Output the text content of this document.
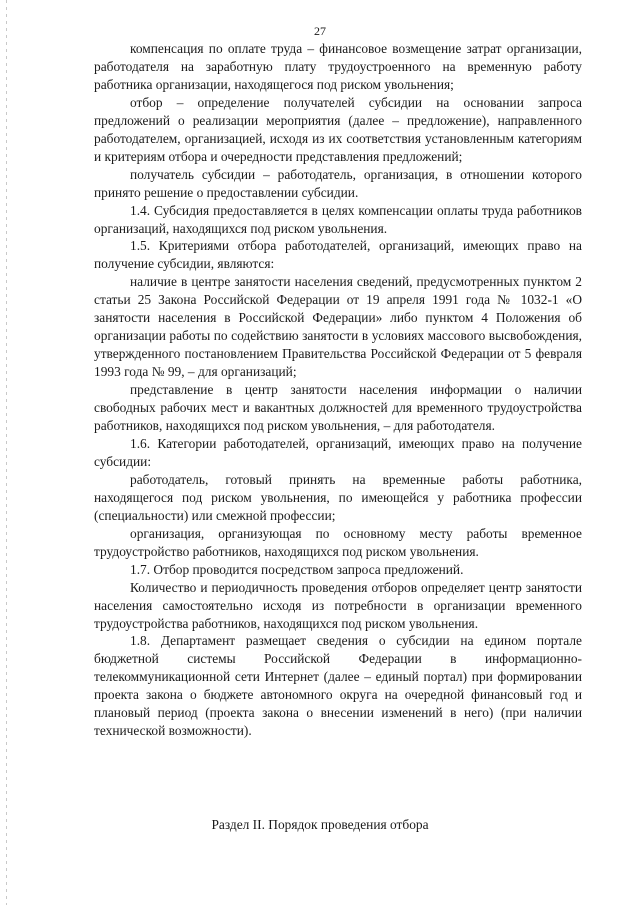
27

компенсация по оплате труда – финансовое возмещение затрат организации, работодателя на заработную плату трудоустроенного на временную работу работника организации, находящегося под риском увольнения;

отбор – определение получателей субсидии на основании запроса предложений о реализации мероприятия (далее – предложение), направленного работодателем, организацией, исходя из их соответствия установленным категориям и критериям отбора и очередности представления предложений;

получатель субсидии – работодатель, организация, в отношении которого принято решение о предоставлении субсидии.

1.4. Субсидия предоставляется в целях компенсации оплаты труда работников организаций, находящихся под риском увольнения.

1.5. Критериями отбора работодателей, организаций, имеющих право на получение субсидии, являются:

наличие в центре занятости населения сведений, предусмотренных пунктом 2 статьи 25 Закона Российской Федерации от 19 апреля 1991 года № 1032-1 «О занятости населения в Российской Федерации» либо пунктом 4 Положения об организации работы по содействию занятости в условиях массового высвобождения, утвержденного постановлением Правительства Российской Федерации от 5 февраля 1993 года № 99, – для организаций;

представление в центр занятости населения информации о наличии свободных рабочих мест и вакантных должностей для временного трудоустройства работников, находящихся под риском увольнения, – для работодателя.

1.6. Категории работодателей, организаций, имеющих право на получение субсидии:

работодатель, готовый принять на временные работы работника, находящегося под риском увольнения, по имеющейся у работника профессии (специальности) или смежной профессии;

организация, организующая по основному месту работы временное трудоустройство работников, находящихся под риском увольнения.

1.7. Отбор проводится посредством запроса предложений.

Количество и периодичность проведения отборов определяет центр занятости населения самостоятельно исходя из потребности в организации временного трудоустройства работников, находящихся под риском увольнения.

1.8. Департамент размещает сведения о субсидии на едином портале бюджетной системы Российской Федерации в информационно-телекоммуникационной сети Интернет (далее – единый портал) при формировании проекта закона о бюджете автономного округа на очередной финансовый год и плановый период (проекта закона о внесении изменений в него) (при наличии технической возможности).

Раздел II. Порядок проведения отбора
